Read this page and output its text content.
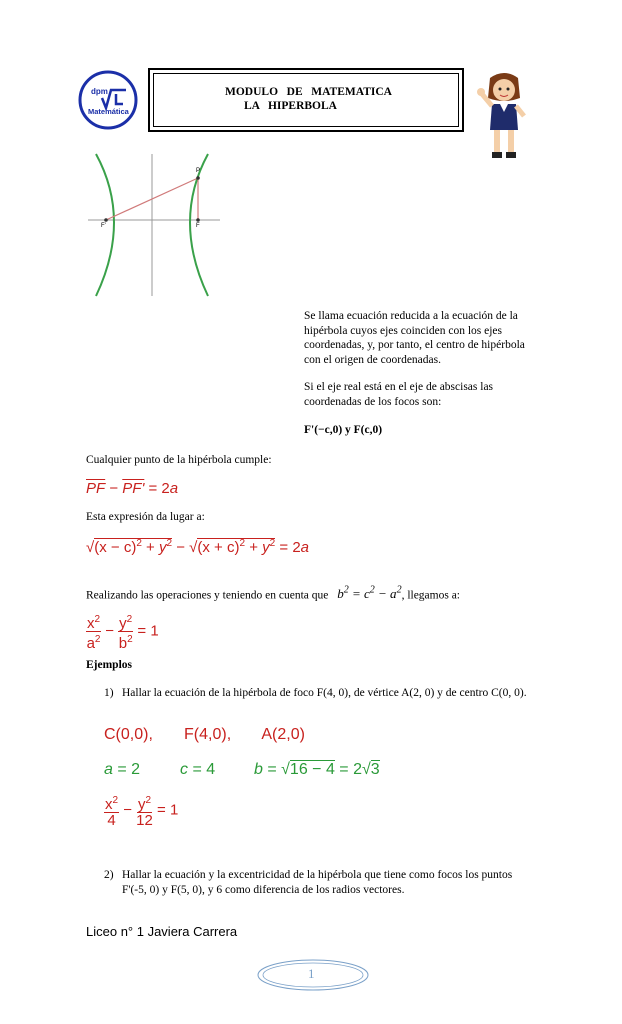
dpm
Matemática
MODULO   DE   MATEMATICA
LA   HIPERBOLA
P
F'	F
Se llama ecuación reducida a la ecuación de la hipérbola cuyos ejes coinciden con los ejes coordenadas, y, por tanto, el centro de hipérbola con el origen de coordenadas.
Si el eje real está en el eje de abscisas las coordenadas de los focos son:
F'(−c,0) y F(c,0)
Cualquier punto de la hipérbola cumple:
$\overline{PF} - PF' = 2a$
Esta expresión da lugar a:
$√(x - c)^2 + y^2 - √(x + c)^2 + y^2 = 2a$
Realizando las operaciones y teniendo en cuenta que $b^2 = c^2 - a^2$, llegamos a:
$\frac{x^2}{a^2} - \frac{y^2}{b^2} = 1$
Ejemplos
1) Hallar la ecuación de la hipérbola de foco F(4, 0), de vértice A(2, 0) y de centro C(0, 0).
C(0,0),       F(4,0),       A(2,0)
a = 2 c = 4 b = √16 − 4 = 2√3
$\frac{x^2}{4} - \frac{y^2}{12} = 1$
2) Hallar la ecuación y la excentricidad de la hipérbola que tiene como focos los puntos F'(-5, 0) y F(5, 0), y 6 como diferencia de los radios vectores.
Liceo n° 1 Javiera Carrera
1
